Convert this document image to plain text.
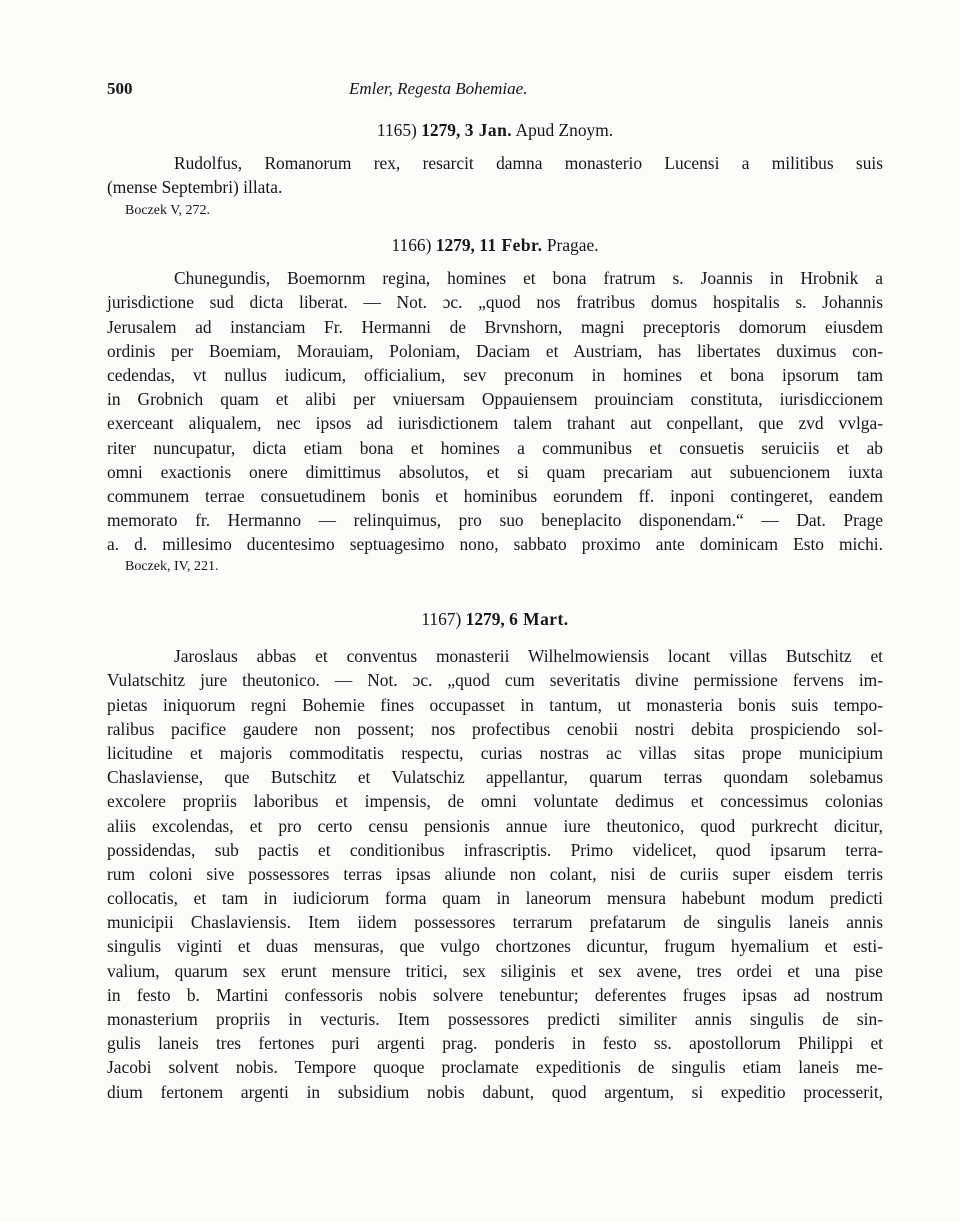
500	Emler, Regesta Bohemiae.
1165) 1279, 3 Jan. Apud Znoym.
Rudolfus, Romanorum rex, resarcit damna monasterio Lucensi a militibus suis
(mense Septembri) illata.
Boczek V, 272.
1166) 1279, 11 Febr. Pragae.
Chunegundis, Boemornm regina, homines et bona fratrum s. Joannis in Hrobnik a
jurisdictione sud dicta liberat. — Not. ɔc. „quod nos fratribus domus hospitalis s. Johannis
Jerusalem ad instanciam Fr. Hermanni de Brvnshorn, magni preceptoris domorum eiusdem
ordinis per Boemiam, Morauiam, Poloniam, Daciam et Austriam, has libertates duximus con-
cedendas, vt nullus iudicum, officialium, sev preconum in homines et bona ipsorum tam
in Grobnich quam et alibi per vniuersam Oppauiensem prouinciam constituta, iurisdiccionem
exerceant aliqualem, nec ipsos ad iurisdictionem talem trahant aut conpellant, que zvd vvlga-
riter nuncupatur, dicta etiam bona et homines a communibus et consuetis seruiciis et ab
omni exactionis onere dimittimus absolutos, et si quam precariam aut subuencionem iuxta
communem terrae consuetudinem bonis et hominibus eorundem ff. inponi contingeret, eandem
memorato fr. Hermanno — relinquimus, pro suo beneplacito disponendam.“ — Dat. Prage
a. d. millesimo ducentesimo septuagesimo nono, sabbato proximo ante dominicam Esto michi.
Boczek, IV, 221.
1167) 1279, 6 Mart.
Jaroslaus abbas et conventus monasterii Wilhelmowiensis locant villas Butschitz et
Vulatschitz jure theutonico. — Not. ɔc. „quod cum severitatis divine permissione fervens im-
pietas iniquorum regni Bohemie fines occupasset in tantum, ut monasteria bonis suis tempo-
ralibus pacifice gaudere non possent; nos profectibus cenobii nostri debita prospiciendo sol-
licitudine et majoris commoditatis respectu, curias nostras ac villas sitas prope municipium
Chaslaviense, que Butschitz et Vulatschiz appellantur, quarum terras quondam solebamus
excolere propriis laboribus et impensis, de omni voluntate dedimus et concessimus colonias
aliis excolendas, et pro certo censu pensionis annue iure theutonico, quod purkrecht dicitur,
possidendas, sub pactis et conditionibus infrascriptis. Primo videlicet, quod ipsarum terra-
rum coloni sive possessores terras ipsas aliunde non colant, nisi de curiis super eisdem terris
collocatis, et tam in iudiciorum forma quam in laneorum mensura habebunt modum predicti
municipii Chaslaviensis. Item iidem possessores terrarum prefatarum de singulis laneis annis
singulis viginti et duas mensuras, que vulgo chortzones dicuntur, frugum hyemalium et esti-
valium, quarum sex erunt mensure tritici, sex siliginis et sex avene, tres ordei et una pise
in festo b. Martini confessoris nobis solvere tenebuntur; deferentes fruges ipsas ad nostrum
monasterium propriis in vecturis. Item possessores predicti similiter annis singulis de sin-
gulis laneis tres fertones puri argenti prag. ponderis in festo ss. apostollorum Philippi et
Jacobi solvent nobis. Tempore quoque proclamate expeditionis de singulis etiam laneis me-
dium fertonem argenti in subsidium nobis dabunt, quod argentum, si expeditio processerit,
